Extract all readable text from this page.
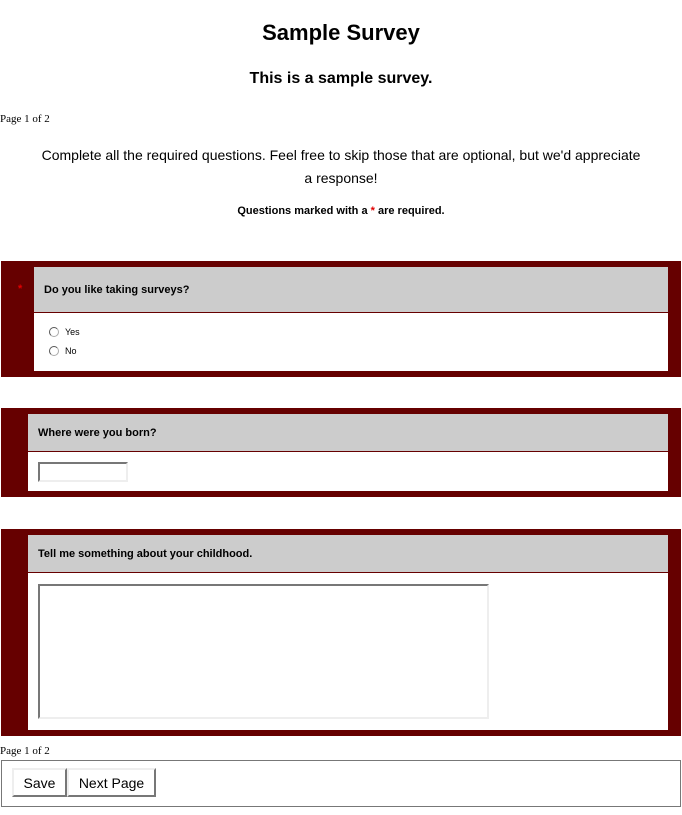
Sample Survey
This is a sample survey.
Page 1 of 2
Complete all the required questions. Feel free to skip those that are optional, but we'd appreciate a response!
Questions marked with a * are required.
*	Do you like taking surveys?
Yes
No
Where were you born?
Tell me something about your childhood.
Page 1 of 2
Save	Next Page
